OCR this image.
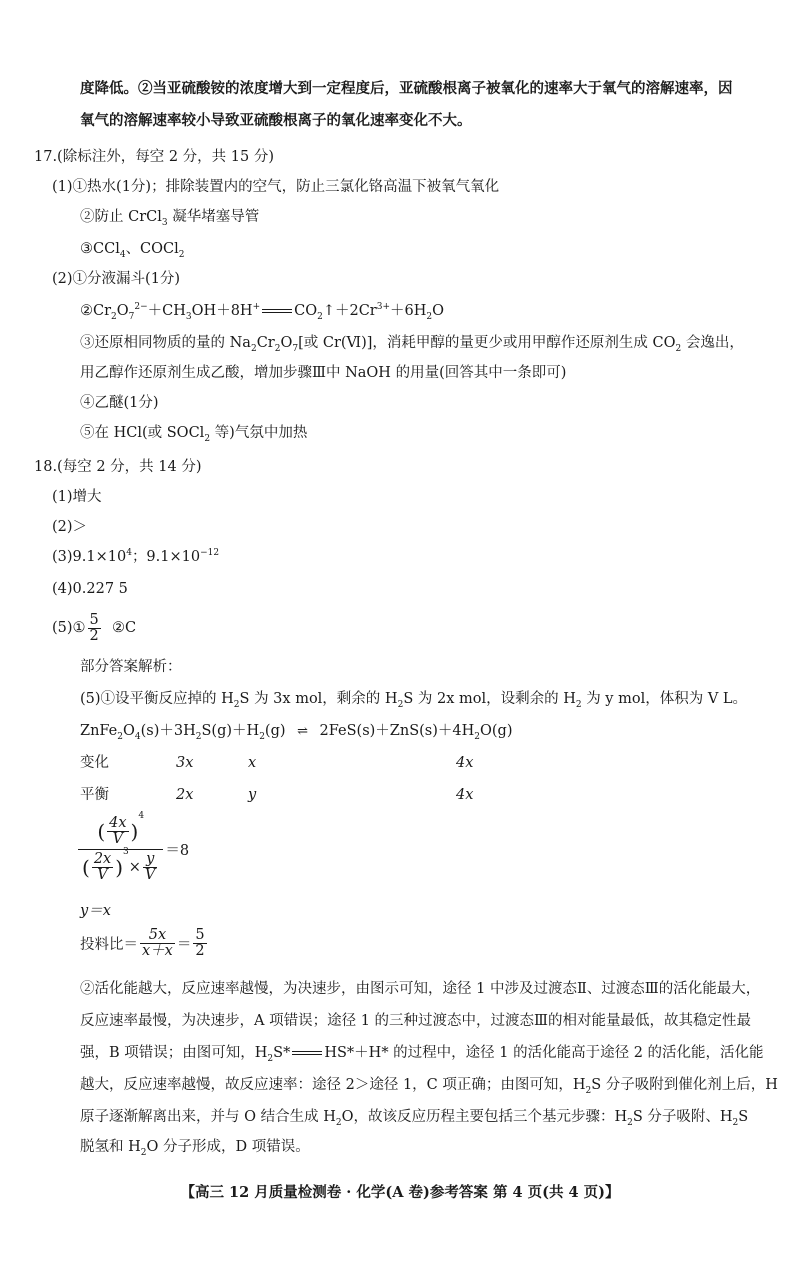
度降低。②当亚硫酸铵的浓度增大到一定程度后，亚硫酸根离子被氧化的速率大于氧气的溶解速率，因
氧气的溶解速率较小导致亚硫酸根离子的氧化速率变化不大。
17.(除标注外，每空 2 分，共 15 分)
(1)①热水(1分)；排除装置内的空气，防止三氯化铬高温下被氧气氧化
②防止 CrCl$_3$ 凝华堵塞导管
③CCl$_4$、COCl$_2$
(2)①分液漏斗(1分)
$②Cr_2O_7^{2-}+CH_3OH+8H^+$ $CO_2↑+2Cr^{3+}+6H_2O$
③还原相同物质的量的 $Na_2Cr_2O_7$[或 Cr(Ⅵ)]，消耗甲醇的量更少或用甲醇作还原剂生成 $CO_2$ 会逸出，
用乙醇作还原剂生成乙酸，增加步骤Ⅲ中 NaOH 的用量(回答其中一条即可)
④乙醚(1分)
⑤在 HCl(或 SOCl$_2$ 等)气氛中加热
18.(每空 2 分，共 14 分)
(1)增大
(2)＞
$(3)9.1\times 10^4$；$9.1\times 10^{-12}$
(4)0.227 5
(5)① $\frac{5}{2}$ ②C
部分答案解析：
(5)①设平衡反应掉的 $H_2S$ 为 3x mol，剩余的 $H_2S$ 为 2x mol，设剩余的 $H_2$ 为 y mol，体积为 V L。
$ZnFe_2O_4(s)+3H_2S(g)+H_2(g)$ ⇌ $2FeS(s)+ZnS(s)+4H_2O(g)$
变化	3x	x	4x
平衡	2x	y	4x
( $\frac{4x}{V} )^4$
( $\frac{2x}{V} )^3\times \frac{y}{V}$
＝8
y＝x
投料比＝ $\frac{5x}{x+x} = \frac{5}{2}$
②活化能越大，反应速率越慢，为决速步，由图示可知，途径 1 中涉及过渡态Ⅱ、过渡态Ⅲ的活化能最大，
反应速率最慢，为决速步，A 项错误；途径 1 的三种过渡态中，过渡态Ⅲ的相对能量最低，故其稳定性最
强，B 项错误；由图可知，$H_2S*$ HS*＋H* 的过程中，途径 1 的活化能高于途径 2 的活化能，活化能
越大，反应速率越慢，故反应速率：途径 2＞途径 1，C 项正确；由图可知，$H_2S$ 分子吸附到催化剂上后，H
原子逐渐解离出来，并与 O 结合生成 $H_2O$，故该反应历程主要包括三个基元步骤：$H_2S$ 分子吸附、$H_2S$
脱氢和 $H_2O$ 分子形成，D 项错误。
【高三 12 月质量检测卷 · 化学(A 卷)参考答案 第 4 页(共 4 页)】
